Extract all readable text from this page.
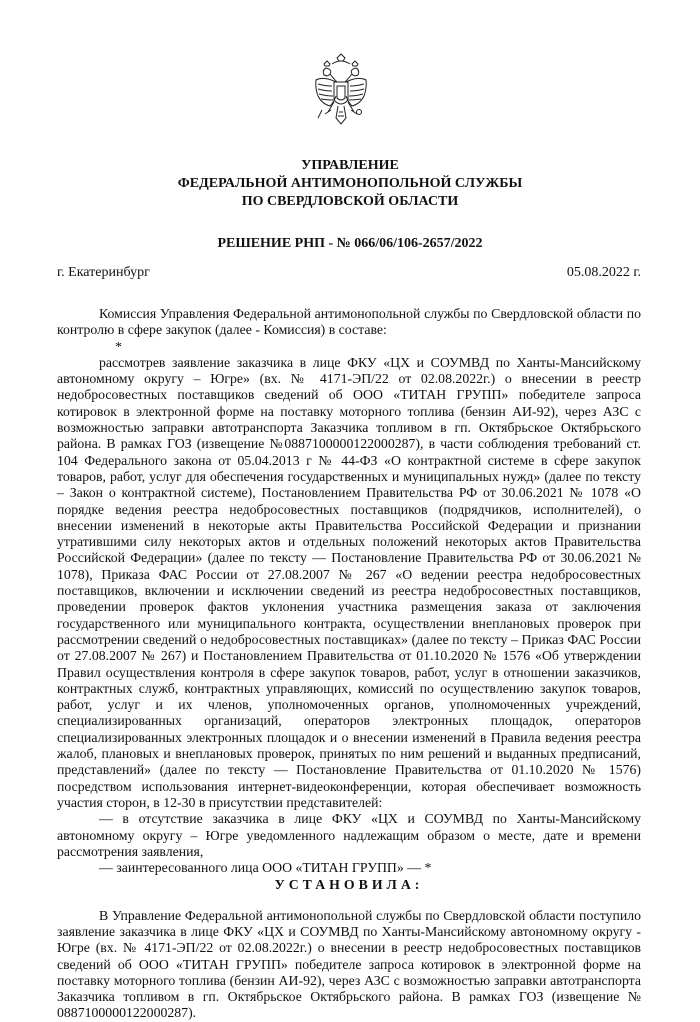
УПРАВЛЕНИЕ
ФЕДЕРАЛЬНОЙ АНТИМОНОПОЛЬНОЙ СЛУЖБЫ
ПО СВЕРДЛОВСКОЙ ОБЛАСТИ
РЕШЕНИЕ РНП - № 066/06/106-2657/2022
г. Екатеринбург	05.08.2022 г.

Комиссия Управления Федеральной антимонопольной службы по Свердловской области по контролю в сфере закупок (далее - Комиссия) в составе:

*

рассмотрев заявление заказчика в лице ФКУ «ЦХ и СОУМВД по Ханты-Мансийскому автономному округу – Югре» (вх. № 4171-ЭП/22 от 02.08.2022г.) о внесении в реестр недобросовестных поставщиков сведений об ООО «ТИТАН ГРУПП» победителе запроса котировок в электронной форме на поставку моторного топлива (бензин АИ-92), через АЗС с возможностью заправки автотранспорта Заказчика топливом в гп. Октябрьское Октябрьского района. В рамках ГОЗ (извещение №0887100000122000287), в части соблюдения требований ст. 104 Федерального закона от 05.04.2013 г № 44-ФЗ «О контрактной системе в сфере закупок товаров, работ, услуг для обеспечения государственных и муниципальных нужд» (далее по тексту – Закон о контрактной системе), Постановлением Правительства РФ от 30.06.2021 № 1078 «О порядке ведения реестра недобросовестных поставщиков (подрядчиков, исполнителей), о внесении изменений в некоторые акты Правительства Российской Федерации и признании утратившими силу некоторых актов и отдельных положений некоторых актов Правительства Российской Федерации» (далее по тексту — Постановление Правительства РФ от 30.06.2021 № 1078), Приказа ФАС России от 27.08.2007 № 267 «О ведении реестра недобросовестных поставщиков, включении и исключении сведений из реестра недобросовестных поставщиков, проведении проверок фактов уклонения участника размещения заказа от заключения государственного или муниципального контракта, осуществлении внеплановых проверок при рассмотрении сведений о недобросовестных поставщиках» (далее по тексту – Приказ ФАС России от 27.08.2007 № 267) и Постановлением Правительства от 01.10.2020 № 1576 «Об утверждении Правил осуществления контроля в сфере закупок товаров, работ, услуг в отношении заказчиков, контрактных служб, контрактных управляющих, комиссий по осуществлению закупок товаров, работ, услуг и их членов, уполномоченных органов, уполномоченных учреждений, специализированных организаций, операторов электронных площадок, операторов специализированных электронных площадок и о внесении изменений в Правила ведения реестра жалоб, плановых и внеплановых проверок, принятых по ним решений и выданных предписаний, представлений» (далее по тексту — Постановление Правительства от 01.10.2020 № 1576) посредством использования интернет-видеоконференции, которая обеспечивает возможность участия сторон, в 12-30 в присутствии представителей:

— в отсутствие заказчика в лице ФКУ «ЦХ и СОУМВД по Ханты-Мансийскому автономному округу – Югре уведомленного надлежащим образом о месте, дате и времени рассмотрения заявления,

— заинтересованного лица ООО «ТИТАН ГРУПП» — *

УСТАНОВИЛА:

В Управление Федеральной антимонопольной службы по Свердловской области поступило заявление заказчика в лице ФКУ «ЦХ и СОУМВД по Ханты-Мансийскому автономному округу - Югре (вх. № 4171-ЭП/22 от 02.08.2022г.) о внесении в реестр недобросовестных поставщиков сведений об ООО «ТИТАН ГРУПП» победителе запроса котировок в электронной форме на поставку моторного топлива (бензин АИ-92), через АЗС с возможностью заправки автотранспорта Заказчика топливом в гп. Октябрьское Октябрьского района. В рамках ГОЗ (извещение № 0887100000122000287).
